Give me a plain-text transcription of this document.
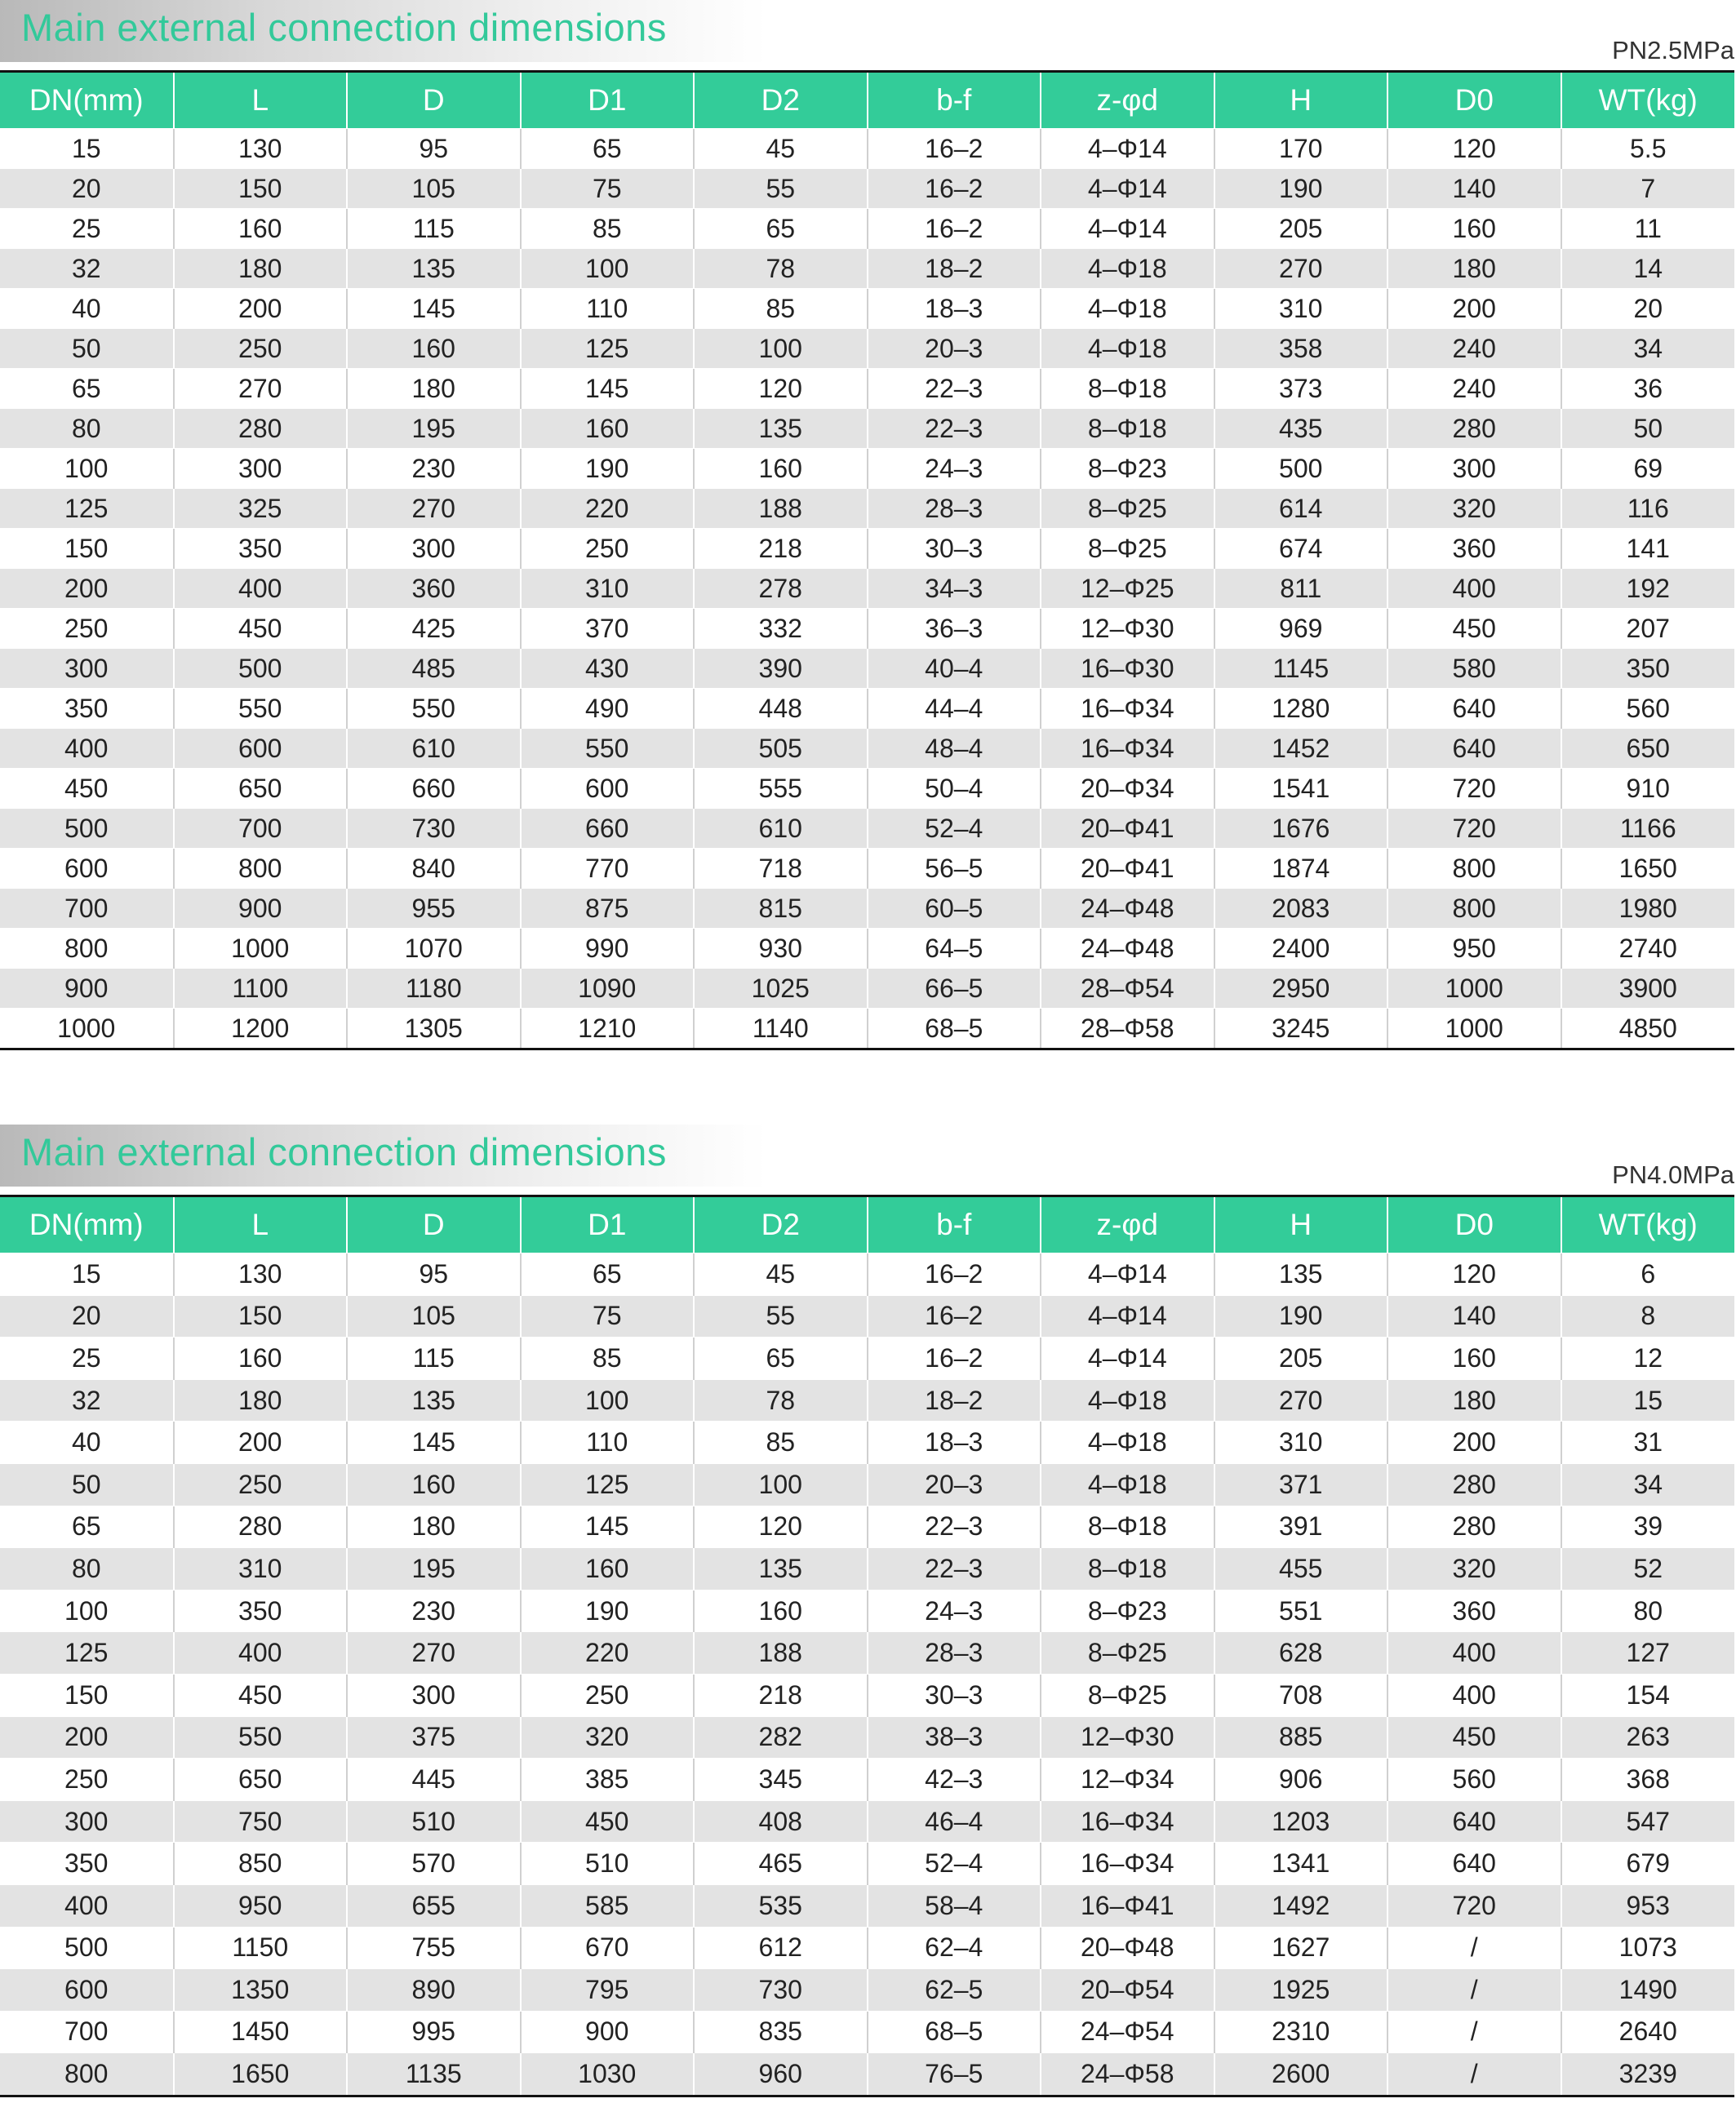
Main external connection dimensions
PN2.5MPa
DN(mm)	L	D	D1	D2	b-f	z-φd	H	D0	WT(kg)
15	130	95	65	45	16–2	4–Φ14	170	120	5.5
20	150	105	75	55	16–2	4–Φ14	190	140	7
25	160	115	85	65	16–2	4–Φ14	205	160	11
32	180	135	100	78	18–2	4–Φ18	270	180	14
40	200	145	110	85	18–3	4–Φ18	310	200	20
50	250	160	125	100	20–3	4–Φ18	358	240	34
65	270	180	145	120	22–3	8–Φ18	373	240	36
80	280	195	160	135	22–3	8–Φ18	435	280	50
100	300	230	190	160	24–3	8–Φ23	500	300	69
125	325	270	220	188	28–3	8–Φ25	614	320	116
150	350	300	250	218	30–3	8–Φ25	674	360	141
200	400	360	310	278	34–3	12–Φ25	811	400	192
250	450	425	370	332	36–3	12–Φ30	969	450	207
300	500	485	430	390	40–4	16–Φ30	1145	580	350
350	550	550	490	448	44–4	16–Φ34	1280	640	560
400	600	610	550	505	48–4	16–Φ34	1452	640	650
450	650	660	600	555	50–4	20–Φ34	1541	720	910
500	700	730	660	610	52–4	20–Φ41	1676	720	1166
600	800	840	770	718	56–5	20–Φ41	1874	800	1650
700	900	955	875	815	60–5	24–Φ48	2083	800	1980
800	1000	1070	990	930	64–5	24–Φ48	2400	950	2740
900	1100	1180	1090	1025	66–5	28–Φ54	2950	1000	3900
1000	1200	1305	1210	1140	68–5	28–Φ58	3245	1000	4850
Main external connection dimensions
PN4.0MPa
DN(mm)	L	D	D1	D2	b-f	z-φd	H	D0	WT(kg)
15	130	95	65	45	16–2	4–Φ14	135	120	6
20	150	105	75	55	16–2	4–Φ14	190	140	8
25	160	115	85	65	16–2	4–Φ14	205	160	12
32	180	135	100	78	18–2	4–Φ18	270	180	15
40	200	145	110	85	18–3	4–Φ18	310	200	31
50	250	160	125	100	20–3	4–Φ18	371	280	34
65	280	180	145	120	22–3	8–Φ18	391	280	39
80	310	195	160	135	22–3	8–Φ18	455	320	52
100	350	230	190	160	24–3	8–Φ23	551	360	80
125	400	270	220	188	28–3	8–Φ25	628	400	127
150	450	300	250	218	30–3	8–Φ25	708	400	154
200	550	375	320	282	38–3	12–Φ30	885	450	263
250	650	445	385	345	42–3	12–Φ34	906	560	368
300	750	510	450	408	46–4	16–Φ34	1203	640	547
350	850	570	510	465	52–4	16–Φ34	1341	640	679
400	950	655	585	535	58–4	16–Φ41	1492	720	953
500	1150	755	670	612	62–4	20–Φ48	1627	/	1073
600	1350	890	795	730	62–5	20–Φ54	1925	/	1490
700	1450	995	900	835	68–5	24–Φ54	2310	/	2640
800	1650	1135	1030	960	76–5	24–Φ58	2600	/	3239
